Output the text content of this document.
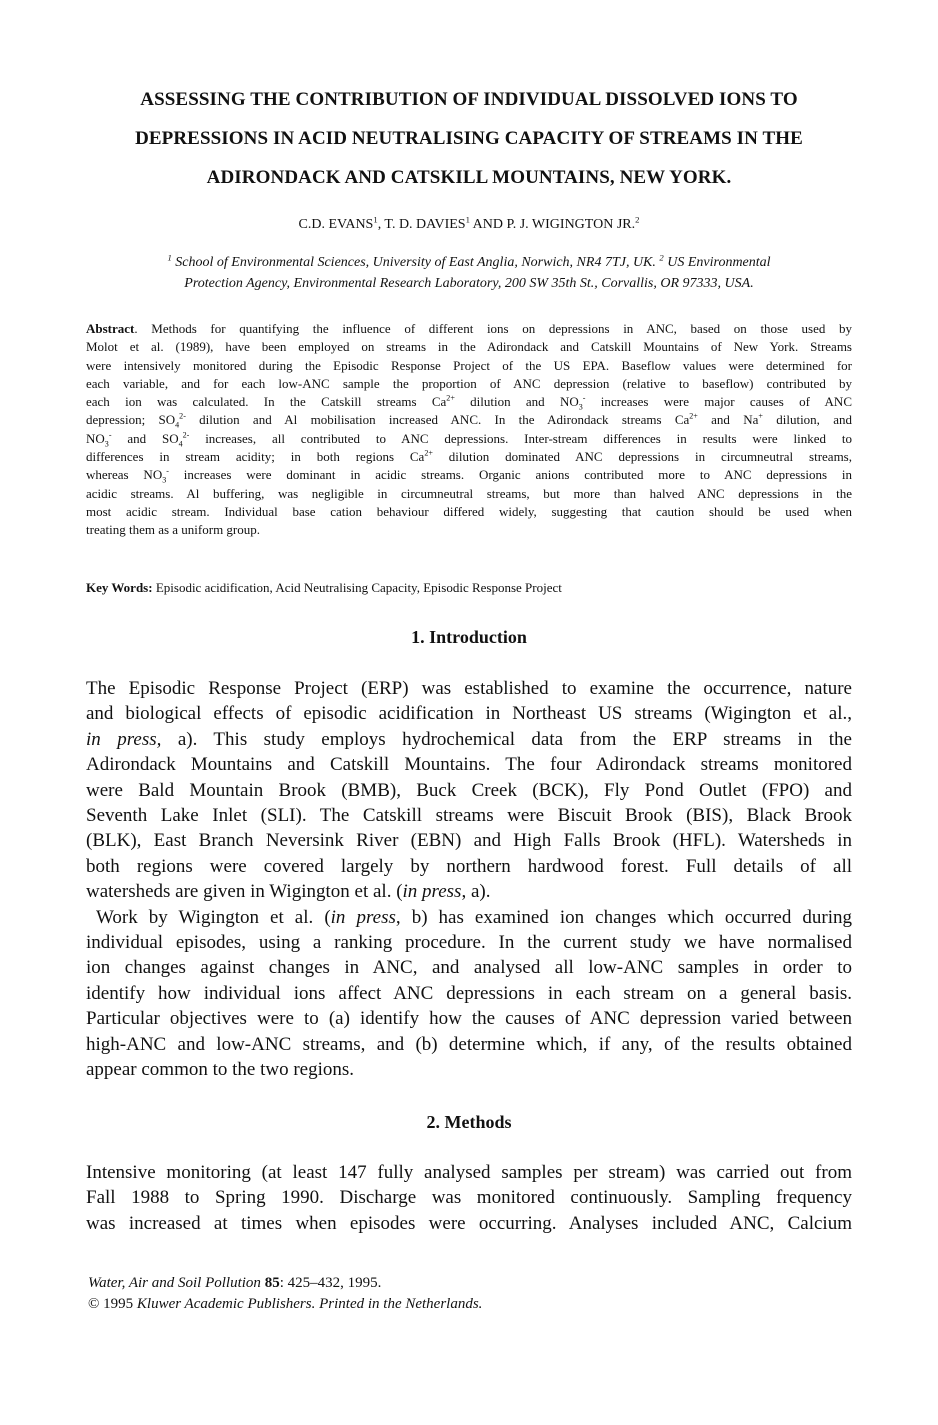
ASSESSING THE CONTRIBUTION OF INDIVIDUAL DISSOLVED IONS TO
DEPRESSIONS IN ACID NEUTRALISING CAPACITY OF STREAMS IN THE
ADIRONDACK AND CATSKILL MOUNTAINS, NEW YORK.
C.D. EVANS$^1$, T. D. DAVIES$^1$ AND P. J. WIGINGTON JR.$^2$
$^1$ School of Environmental Sciences, University of East Anglia, Norwich, NR4 7TJ, UK. $^2$ US Environmental
Protection Agency, Environmental Research Laboratory, 200 SW 35th St., Corvallis, OR 97333, USA.
Abstract. Methods for quantifying the influence of different ions on depressions in ANC, based on those used by
Molot et al. (1989), have been employed on streams in the Adirondack and Catskill Mountains of New York. Streams
were intensively monitored during the Episodic Response Project of the US EPA. Baseflow values were determined for
each variable, and for each low-ANC sample the proportion of ANC depression (relative to baseflow) contributed by
each ion was calculated. In the Catskill streams $Ca^{2+}$ dilution and $NO_3^-$ increases were major causes of ANC
depression; $SO_4^{2-}$ dilution and Al mobilisation increased ANC. In the Adirondack streams $Ca^{2+}$ and Na+ dilution, and
$NO_3^-$ and $SO_4^{2-}$ increases, all contributed to ANC depressions. Inter-stream differences in results were linked to
differences in stream acidity; in both regions $Ca^{2+}$ dilution dominated ANC depressions in circumneutral streams,
whereas $NO_3^-$ increases were dominant in acidic streams. Organic anions contributed more to ANC depressions in
acidic streams. Al buffering, was negligible in circumneutral streams, but more than halved ANC depressions in the
most acidic stream. Individual base cation behaviour differed widely, suggesting that caution should be used when
treating them as a uniform group.
Key Words: Episodic acidification, Acid Neutralising Capacity, Episodic Response Project
1. Introduction
The Episodic Response Project (ERP) was established to examine the occurrence, nature
and biological effects of episodic acidification in Northeast US streams (Wigington et al.,
in press, a). This study employs hydrochemical data from the ERP streams in the
Adirondack Mountains and Catskill Mountains. The four Adirondack streams monitored
were Bald Mountain Brook (BMB), Buck Creek (BCK), Fly Pond Outlet (FPO) and
Seventh Lake Inlet (SLI). The Catskill streams were Biscuit Brook (BIS), Black Brook
(BLK), East Branch Neversink River (EBN) and High Falls Brook (HFL). Watersheds in
both regions were covered largely by northern hardwood forest. Full details of all
watersheds are given in Wigington et al. (in press, a).
Work by Wigington et al. (in press, b) has examined ion changes which occurred during
individual episodes, using a ranking procedure. In the current study we have normalised
ion changes against changes in ANC, and analysed all low-ANC samples in order to
identify how individual ions affect ANC depressions in each stream on a general basis.
Particular objectives were to (a) identify how the causes of ANC depression varied between
high-ANC and low-ANC streams, and (b) determine which, if any, of the results obtained
appear common to the two regions.
2. Methods
Intensive monitoring (at least 147 fully analysed samples per stream) was carried out from
Fall 1988 to Spring 1990. Discharge was monitored continuously. Sampling frequency
was increased at times when episodes were occurring. Analyses included ANC, Calcium
Water, Air and Soil Pollution 85: 425–432, 1995.
© 1995 Kluwer Academic Publishers. Printed in the Netherlands.
